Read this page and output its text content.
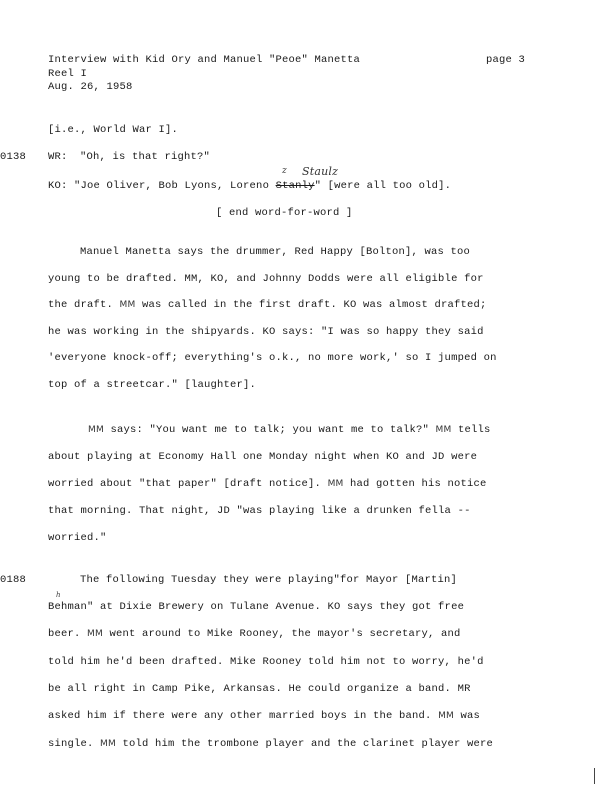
Interview with Kid Ory and Manuel "Peoe" Manetta	page 3
Reel I
Aug. 26, 1958
[i.e., World War I].
0138 WR: "Oh, is that right?"
z Staulz
KO: "Joe Oliver, Bob Lyons, Loreno Stanly" [were all too old].
[ end word-for-word ]
Manuel Manetta says the drummer, Red Happy [Bolton], was too
young to be drafted. MM, KO, and Johnny Dodds were all eligible for
the draft. MM was called in the first draft. KO was almost drafted;
he was working in the shipyards. KO says: "I was so happy they said
'everyone knock-off; everything's o.k., no more work,' so I jumped on
top of a streetcar." [laughter].
MM says: "You want me to talk; you want me to talk?" MM tells
about playing at Economy Hall one Monday night when KO and JD were
worried about "that paper" [draft notice]. MM had gotten his notice
that morning. That night, JD "was playing like a drunken fella --
worried."
0188	The following Tuesday they were playing"for Mayor [Martin]
h
Behman" at Dixie Brewery on Tulane Avenue. KO says they got free
beer. MM went around to Mike Rooney, the mayor's secretary, and
told him he'd been drafted. Mike Rooney told him not to worry, he'd
be all right in Camp Pike, Arkansas. He could organize a band. MR
asked him if there were any other married boys in the band. MM was
single. MM told him the trombone player and the clarinet player were
